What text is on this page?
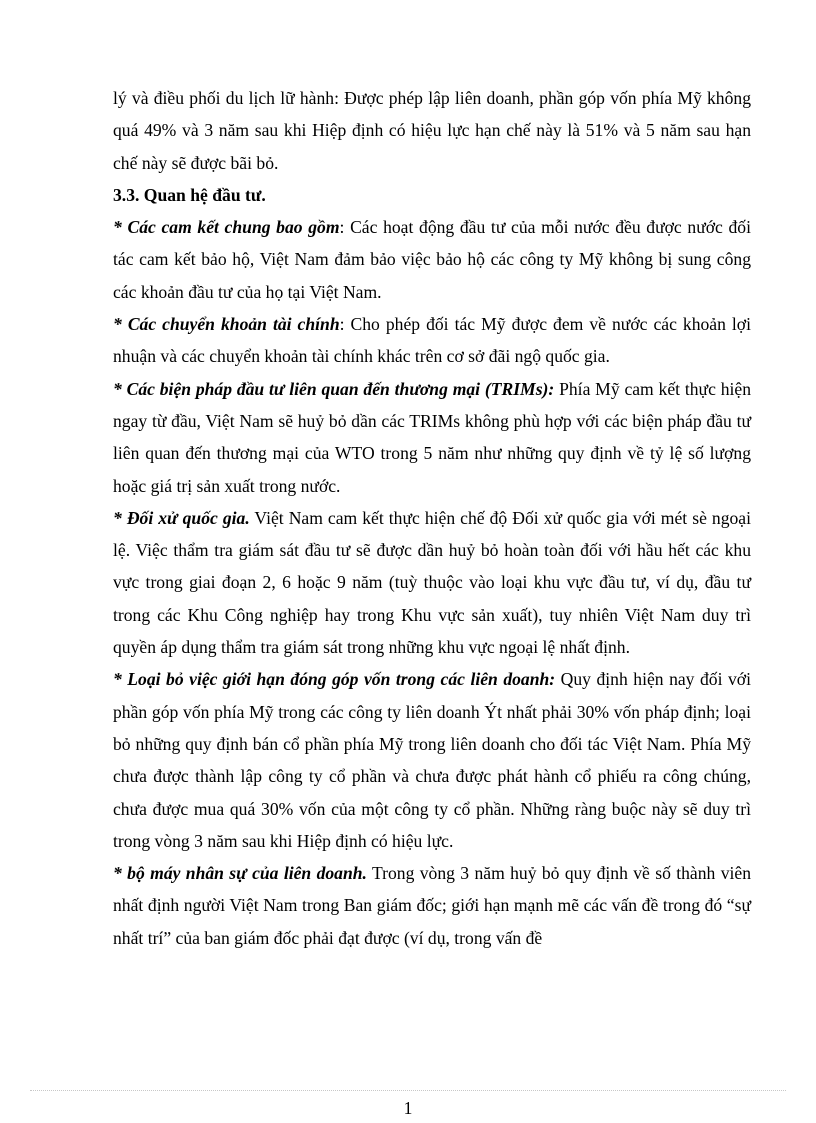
lý và điều phối du lịch lữ hành: Được phép lập liên doanh, phần góp vốn phía Mỹ không quá 49% và 3 năm sau khi Hiệp định có hiệu lực hạn chế này là 51% và 5 năm sau hạn chế này sẽ được bãi bỏ.

3.3. Quan hệ đầu tư.

* Các cam kết chung bao gồm: Các hoạt động đầu tư của mỗi nước đều được nước đối tác cam kết bảo hộ, Việt Nam đảm bảo việc bảo hộ các công ty Mỹ không bị sung công các khoản đầu tư của họ tại Việt Nam.

* Các chuyển khoản tài chính: Cho phép đối tác Mỹ được đem về nước các khoản lợi nhuận và các chuyển khoản tài chính khác trên cơ sở đãi ngộ quốc gia.

* Các biện pháp đầu tư liên quan đến thương mại (TRIMs): Phía Mỹ cam kết thực hiện ngay từ đầu, Việt Nam sẽ huỷ bỏ dần các TRIMs không phù hợp với các biện pháp đầu tư liên quan đến thương mại của WTO trong 5 năm như những quy định về tỷ lệ số lượng hoặc giá trị sản xuất trong nước.

* Đối xử quốc gia. Việt Nam cam kết thực hiện chế độ Đối xử quốc gia với mét sè ngoại lệ. Việc thẩm tra giám sát đầu tư sẽ được dần huỷ bỏ hoàn toàn đối với hầu hết các khu vực trong giai đoạn 2, 6 hoặc 9 năm (tuỳ thuộc vào loại khu vực đầu tư, ví dụ, đầu tư trong các Khu Công nghiệp hay trong Khu vực sản xuất), tuy nhiên Việt Nam duy trì quyền áp dụng thẩm tra giám sát trong những khu vực ngoại lệ nhất định.

* Loại bỏ việc giới hạn đóng góp vốn trong các liên doanh: Quy định hiện nay đối với phần góp vốn phía Mỹ trong các công ty liên doanh Ýt nhất phải 30% vốn pháp định; loại bỏ những quy định bán cổ phần phía Mỹ trong liên doanh cho đối tác Việt Nam. Phía Mỹ chưa được thành lập công ty cổ phần và chưa được phát hành cổ phiếu ra công chúng, chưa được mua quá 30% vốn của một công ty cổ phần. Những ràng buộc này sẽ duy trì trong vòng 3 năm sau khi Hiệp định có hiệu lực.

* bộ máy nhân sự của liên doanh. Trong vòng 3 năm huỷ bỏ quy định về số thành viên nhất định người Việt Nam trong Ban giám đốc; giới hạn mạnh mẽ các vấn đề trong đó “sự nhất trí” của ban giám đốc phải đạt được (ví dụ, trong vấn đề

1
